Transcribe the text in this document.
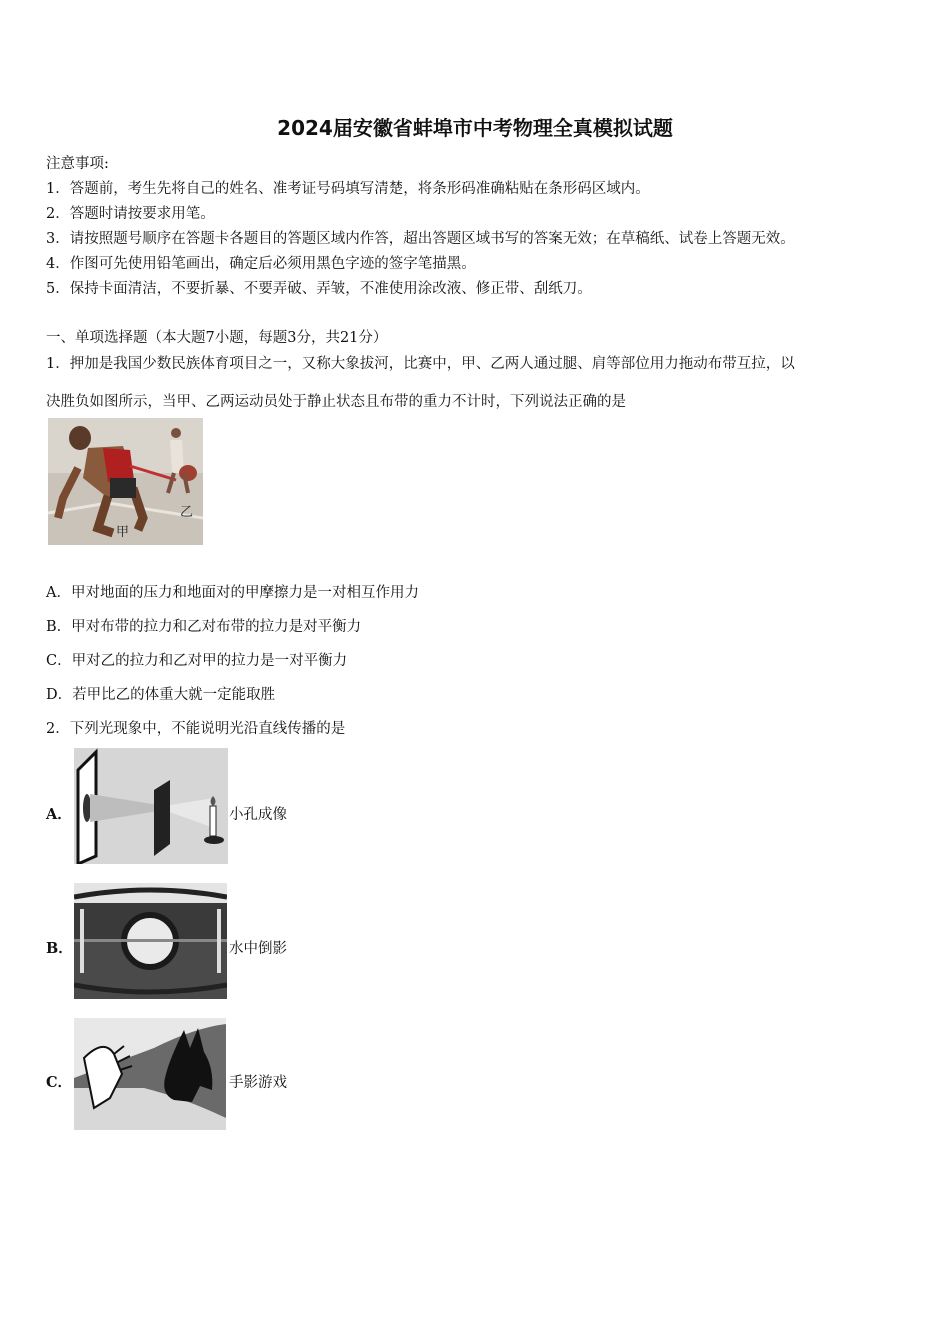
2024届安徽省蚌埠市中考物理全真模拟试题
注意事项:
1．答题前，考生先将自己的姓名、准考证号码填写清楚，将条形码准确粘贴在条形码区域内。
2．答题时请按要求用笔。
3．请按照题号顺序在答题卡各题目的答题区域内作答，超出答题区域书写的答案无效；在草稿纸、试卷上答题无效。
4．作图可先使用铅笔画出，确定后必须用黑色字迹的签字笔描黑。
5．保持卡面清洁，不要折暴、不要弄破、弄皱，不准使用涂改液、修正带、刮纸刀。
一、单项选择题（本大题7小题，每题3分，共21分）
1．押加是我国少数民族体育项目之一，又称大象拔河，比赛中，甲、乙两人通过腿、肩等部位用力拖动布带互拉，以
决胜负如图所示，当甲、乙两运动员处于静止状态且布带的重力不计时，下列说法正确的是
乙
甲
A．甲对地面的压力和地面对的甲摩擦力是一对相互作用力
B．甲对布带的拉力和乙对布带的拉力是对平衡力
C．甲对乙的拉力和乙对甲的拉力是一对平衡力
D．若甲比乙的体重大就一定能取胜
2．下列光现象中，不能说明光沿直线传播的是
A．	小孔成像
B．	水中倒影
C．	手影游戏
